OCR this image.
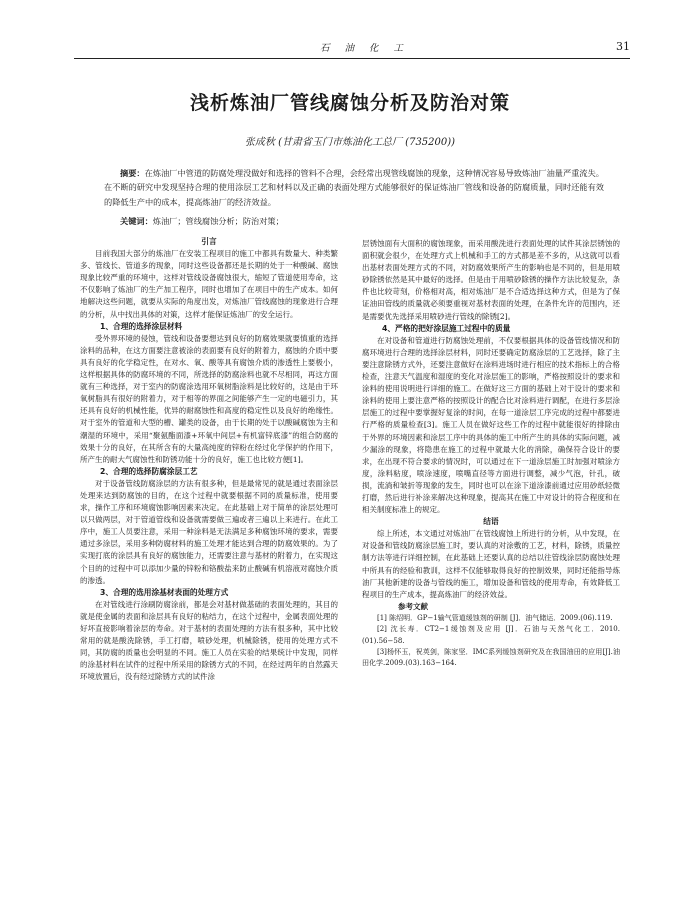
石 油 化 工	31
浅析炼油厂管线腐蚀分析及防治对策
张成秋 (甘肃省玉门市炼油化工总厂 (735200))

摘要：在炼油厂中管道的防腐处理没做好和选择的管料不合理，会经常出现管线腐蚀的现象，这种情况容易导致炼油厂油量严重流失。在不断的研究中发现坚持合理的使用涂层工艺和材料以及正确的表面处理方式能够很好的保证炼油厂管线和设备的防腐质量，同时还能有效的降低生产中的成本，提高炼油厂的经济效益。

关键词：炼油厂；管线腐蚀分析；防治对策；

引言

目前我国大部分的炼油厂在安装工程项目的施工中都具有数量大、种类繁多、管线长、管道多的现象，同时这些设备都还是长期的处于一种酸碱、腐蚀现象比较严重的环境中，这样对管线设备腐蚀很大，缩短了管道使用寿命，这不仅影响了炼油厂的生产加工程序，同时也增加了在项目中的生产成本。如何地解决这些问题，就要从实际的角度出发，对炼油厂管线腐蚀的现象进行合理的分析，从中找出具体的对策，这样才能保证炼油厂的安全运行。

1、合理的选择涂层材料

受外界环境的侵蚀，管线和设备要想达到良好的防腐效果就要慎重的选择涂料的品种，在这方面要注意被涂的表面要有良好的附着力，腐蚀的介质中要具有良好的化学稳定性，在对水、氧、酸等具有腐蚀介质的渗透性上要极小，这样根据具体的防腐环境的不同，所选择的防腐涂料也就不尽相同，再这方面就有三种选择，对于室内的防腐涂选用环氧树脂涂料是比较好的，这是由于环氧树脂具有很好的附着力，对于相等的界面之间能够产生一定的电磁引力，其还具有良好的机械性能，优异的耐腐蚀性和高度的稳定性以及良好的绝缘性。对于室外的管道和大型的槽、罐类的设备，由于长期的处于以酸碱腐蚀为主和潮湿的环境中，采用“聚氨酯面漆+环氧中间层+有机富锌底漆”的组合防腐的效果十分的良好，在其所含有的大量高纯度的锌粉在经过化学保护的作用下，所产生的耐大气腐蚀性和防锈功能十分的良好，施工也比较方便[1]。

2、合理的选择防腐涂层工艺

对于设备管线防腐涂层的方法有很多种，但是最常见的就是通过表面涂层处理来达到防腐蚀的目的，在这个过程中就要根据不同的质量标准，使用要求，操作工序和环境腐蚀影响因素来决定。在此基础上对于简单的涂层处理可以只做两层，对于管道管线和设备就需要做三遍或者三遍以上来进行。在此工序中，施工人员要注意，采用一种涂料是无法满足多种腐蚀环境的要求，需要通过多涂层，采用多种防腐材料的施工处理才能达到合理的防腐效果的。为了实现打底的涂层具有良好的腐蚀能力，还需要注意与基材的附着力，在实现这个目的的过程中可以添加少量的锌粉和铬酸盐来防止酸碱有机溶液对腐蚀介质的渗透。

3、合理的选用涂基材表面的处理方式

在对管线进行涂刷防腐涂前，都是会对基材做基础的表面处理的，其目的就是使金属的表面和涂层具有良好的粘结力，在这个过程中，金属表面处理的好坏直接影响着涂层的寿命。对于基材的表面处理的方法有很多种，其中比较常用的就是酸洗除锈，手工打磨，喷砂处理，机械除锈，使用的处理方式不同，其防腐的质量也会明显的不同。施工人员在实验的结果统计中发现，同样的涂基材料在试件的过程中所采用的除锈方式的不同，在经过两年的自然露天环境放置后，没有经过除锈方式的试件涂

层锈蚀面有大面积的腐蚀现象，而采用酸洗进行表面处理的试件其涂层锈蚀的面积就会很少，在处理方式上机械和手工的方式都是差不多的，从这就可以看出基材表面处理方式的不同，对防腐效果所产生的影响也是不同的，但是用喷砂除锈依然是其中最好的选择。但是由于用喷砂除锈的操作方法比较复杂，条件也比较苛刻，价格相对高，相对炼油厂是不合适选择这种方式，但是为了保证油田管线的质量就必须要重视对基材表面的处理，在条件允许的范围内，还是需要优先选择采用喷砂进行管线的除锈[2]。

4、严格的把好涂层施工过程中的质量

在对设备和管道进行防腐蚀处理前，不仅要根据具体的设备管线情况和防腐环境进行合理的选择涂层材料，同时还要确定防腐涂层的工艺选择，除了主要注意除锈方式外，还要注意做好在涂料进场时进行相应的技术指标上的合格检查，注意天气温度和湿度的变化对涂层施工的影响，严格按照设计的要求和涂料的使用说明进行详细的施工。在做好这三方面的基础上对于设计的要求和涂料的使用上要注意严格的按照设计的配合比对涂料进行调配，在进行多层涂层施工的过程中要掌握好复涂的时间，在每一道涂层工序完成的过程中都要进行严格的质量检查[3]。施工人员在做好这些工作的过程中就能很好的排除由于外界的环境因素和涂层工序中的具体的施工中所产生的具体的实际问题，减少漏涂的现象，将隐患在施工的过程中就最大化的消除，确保符合设计的要求，在出现不符合要求的情况时，可以通过在下一道涂层施工时加强对喷涂方度，涂料粘度，喷涂速度，喷嘴直径等方面进行调整，减少气泡，针孔，破损，流淌和皱折等现象的发生，同时也可以在涂下道涂漆前通过应用砂纸轻微打磨，然后进行补涂来解决这种现象，提高其在施工中对设计的符合程度和在相关制度标准上的规定。

结语

综上所述，本文通过对炼油厂在管线腐蚀上所进行的分析，从中发现，在对设备和管线防腐涂层施工时，要认真的对涂敷的工艺，材料，除锈，质量控制方法等进行详细控制，在此基础上还要认真的总结以往管线涂层防腐蚀处理中所具有的经验和教训，这样不仅能够取得良好的控制效果，同时还能指导炼油厂其他新建的设备与管线的施工，增加设备和管线的使用寿命，有效降低工程项目的生产成本，提高炼油厂的经济效益。

参考文献

[1] 陈绍明．GP−1输气管道缓蚀剂的研制 [J]．油气储运．2009.(06).119.

[2] 沈长寿．CT2−1缓蚀剂及应用 [J]．石油与天然气化工．2010.(01).56−58.

[3]杨怀玉，祝英剑，陈家坚．IMC系列缓蚀剂研究及在我国油田的应用[J].油田化学.2009.(03).163−164.
